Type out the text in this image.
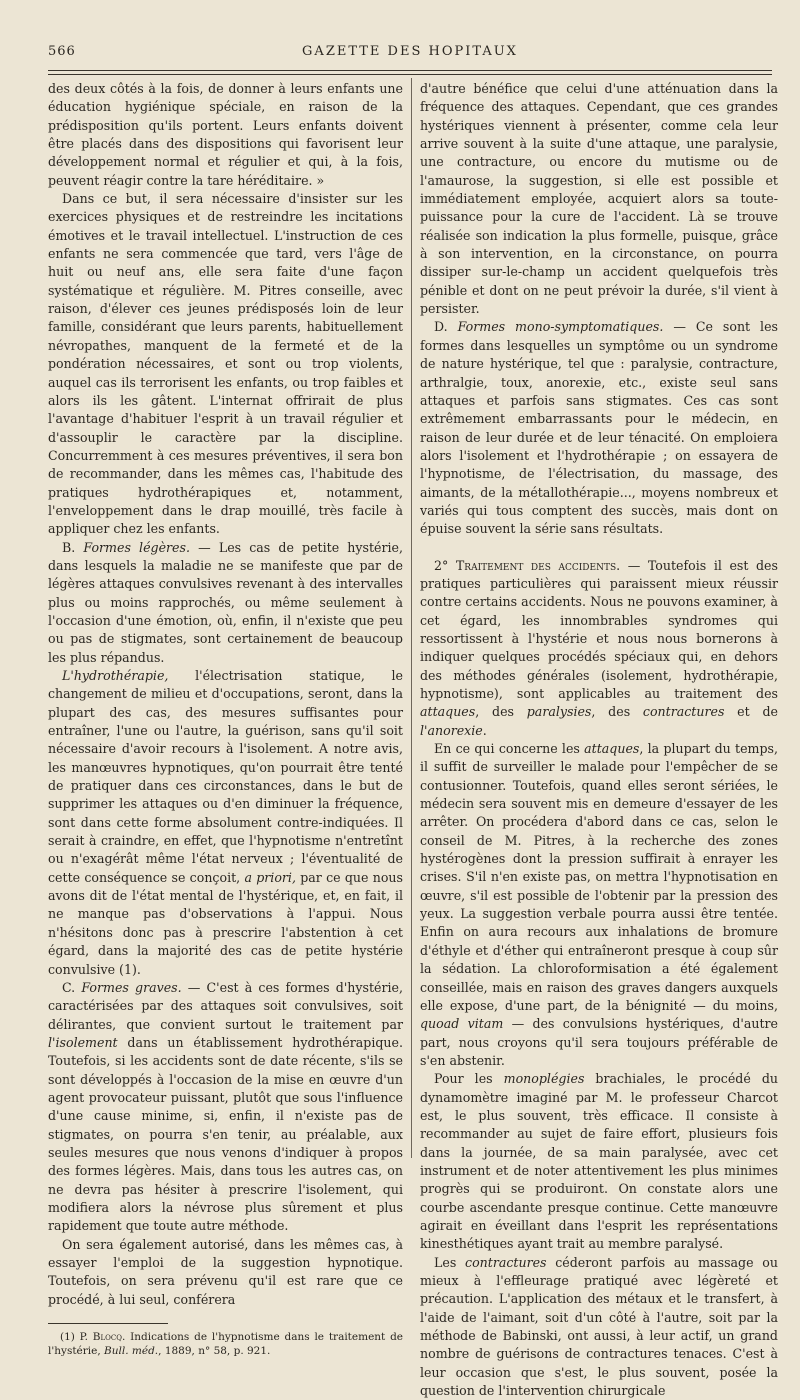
566	GAZETTE DES HOPITAUX

des deux côtés à la fois, de donner à leurs enfants une éducation hygiénique spéciale, en raison de la prédisposition qu'ils portent. Leurs enfants doivent être placés dans des dispositions qui favorisent leur développement normal et régulier et qui, à la fois, peuvent réagir contre la tare héréditaire. »

Dans ce but, il sera nécessaire d'insister sur les exercices physiques et de restreindre les incitations émotives et le travail intellectuel. L'instruction de ces enfants ne sera commencée que tard, vers l'âge de huit ou neuf ans, elle sera faite d'une façon systématique et régulière. M. Pitres conseille, avec raison, d'élever ces jeunes prédisposés loin de leur famille, considérant que leurs parents, habituellement névropathes, manquent de la fermeté et de la pondération nécessaires, et sont ou trop violents, auquel cas ils terrorisent les enfants, ou trop faibles et alors ils les gâtent. L'internat offrirait de plus l'avantage d'habituer l'esprit à un travail régulier et d'assouplir le caractère par la discipline. Concurremment à ces mesures préventives, il sera bon de recommander, dans les mêmes cas, l'habitude des pratiques hydrothérapiques et, notamment, l'enveloppement dans le drap mouillé, très facile à appliquer chez les enfants.

B. Formes légères. — Les cas de petite hystérie, dans lesquels la maladie ne se manifeste que par de légères attaques convulsives revenant à des intervalles plus ou moins rapprochés, ou même seulement à l'occasion d'une émotion, où, enfin, il n'existe que peu ou pas de stigmates, sont certainement de beaucoup les plus répandus.

L'hydrothérapie, l'électrisation statique, le changement de milieu et d'occupations, seront, dans la plupart des cas, des mesures suffisantes pour entraîner, l'une ou l'autre, la guérison, sans qu'il soit nécessaire d'avoir recours à l'isolement. A notre avis, les manœuvres hypnotiques, qu'on pourrait être tenté de pratiquer dans ces circonstances, dans le but de supprimer les attaques ou d'en diminuer la fréquence, sont dans cette forme absolument contre-indiquées. Il serait à craindre, en effet, que l'hypnotisme n'entretînt ou n'exagérât même l'état nerveux ; l'éventualité de cette conséquence se conçoit, a priori, par ce que nous avons dit de l'état mental de l'hystérique, et, en fait, il ne manque pas d'observations à l'appui. Nous n'hésitons donc pas à prescrire l'abstention à cet égard, dans la majorité des cas de petite hystérie convulsive (1).

C. Formes graves. — C'est à ces formes d'hystérie, caractérisées par des attaques soit convulsives, soit délirantes, que convient surtout le traitement par l'isolement dans un établissement hydrothérapique. Toutefois, si les accidents sont de date récente, s'ils se sont développés à l'occasion de la mise en œuvre d'un agent provocateur puissant, plutôt que sous l'influence d'une cause minime, si, enfin, il n'existe pas de stigmates, on pourra s'en tenir, au préalable, aux seules mesures que nous venons d'indiquer à propos des formes légères. Mais, dans tous les autres cas, on ne devra pas hésiter à prescrire l'isolement, qui modifiera alors la névrose plus sûrement et plus rapidement que toute autre méthode.

On sera également autorisé, dans les mêmes cas, à essayer l'emploi de la suggestion hypnotique. Toutefois, on sera prévenu qu'il est rare que ce procédé, à lui seul, conférera

(1) P. Blocq. Indications de l'hypnotisme dans le traitement de l'hystérie, Bull. méd., 1889, n° 58, p. 921.

d'autre bénéfice que celui d'une atténuation dans la fréquence des attaques. Cependant, que ces grandes hystériques viennent à présenter, comme cela leur arrive souvent à la suite d'une attaque, une paralysie, une contracture, ou encore du mutisme ou de l'amaurose, la suggestion, si elle est possible et immédiatement employée, acquiert alors sa toute-puissance pour la cure de l'accident. Là se trouve réalisée son indication la plus formelle, puisque, grâce à son intervention, en la circonstance, on pourra dissiper sur-le-champ un accident quelquefois très pénible et dont on ne peut prévoir la durée, s'il vient à persister.

D. Formes mono-symptomatiques. — Ce sont les formes dans lesquelles un symptôme ou un syndrome de nature hystérique, tel que : paralysie, contracture, arthralgie, toux, anorexie, etc., existe seul sans attaques et parfois sans stigmates. Ces cas sont extrêmement embarrassants pour le médecin, en raison de leur durée et de leur ténacité. On emploiera alors l'isolement et l'hydrothérapie ; on essayera de l'hypnotisme, de l'électrisation, du massage, des aimants, de la métallothérapie..., moyens nombreux et variés qui tous comptent des succès, mais dont on épuise souvent la série sans résultats.

2° Traitement des accidents. — Toutefois il est des pratiques particulières qui paraissent mieux réussir contre certains accidents. Nous ne pouvons examiner, à cet égard, les innombrables syndromes qui ressortissent à l'hystérie et nous nous bornerons à indiquer quelques procédés spéciaux qui, en dehors des méthodes générales (isolement, hydrothérapie, hypnotisme), sont applicables au traitement des attaques, des paralysies, des contractures et de l'anorexie.

En ce qui concerne les attaques, la plupart du temps, il suffit de surveiller le malade pour l'empêcher de se contusionner. Toutefois, quand elles seront sériées, le médecin sera souvent mis en demeure d'essayer de les arrêter. On procédera d'abord dans ce cas, selon le conseil de M. Pitres, à la recherche des zones hystérogènes dont la pression suffirait à enrayer les crises. S'il n'en existe pas, on mettra l'hypnotisation en œuvre, s'il est possible de l'obtenir par la pression des yeux. La suggestion verbale pourra aussi être tentée. Enfin on aura recours aux inhalations de bromure d'éthyle et d'éther qui entraîneront presque à coup sûr la sédation. La chloroformisation a été également conseillée, mais en raison des graves dangers auxquels elle expose, d'une part, de la bénignité — du moins, quoad vitam — des convulsions hystériques, d'autre part, nous croyons qu'il sera toujours préférable de s'en abstenir.

Pour les monoplégies brachiales, le procédé du dynamomètre imaginé par M. le professeur Charcot est, le plus souvent, très efficace. Il consiste à recommander au sujet de faire effort, plusieurs fois dans la journée, de sa main paralysée, avec cet instrument et de noter attentivement les plus minimes progrès qui se produiront. On constate alors une courbe ascendante presque continue. Cette manœuvre agirait en éveillant dans l'esprit les représentations kinesthétiques ayant trait au membre paralysé.

Les contractures céderont parfois au massage ou mieux à l'effleurage pratiqué avec légèreté et précaution. L'application des métaux et le transfert, à l'aide de l'aimant, soit d'un côté à l'autre, soit par la méthode de Babinski, ont aussi, à leur actif, un grand nombre de guérisons de contractures tenaces. C'est à leur occasion que s'est, le plus souvent, posée la question de l'intervention chirurgicale
